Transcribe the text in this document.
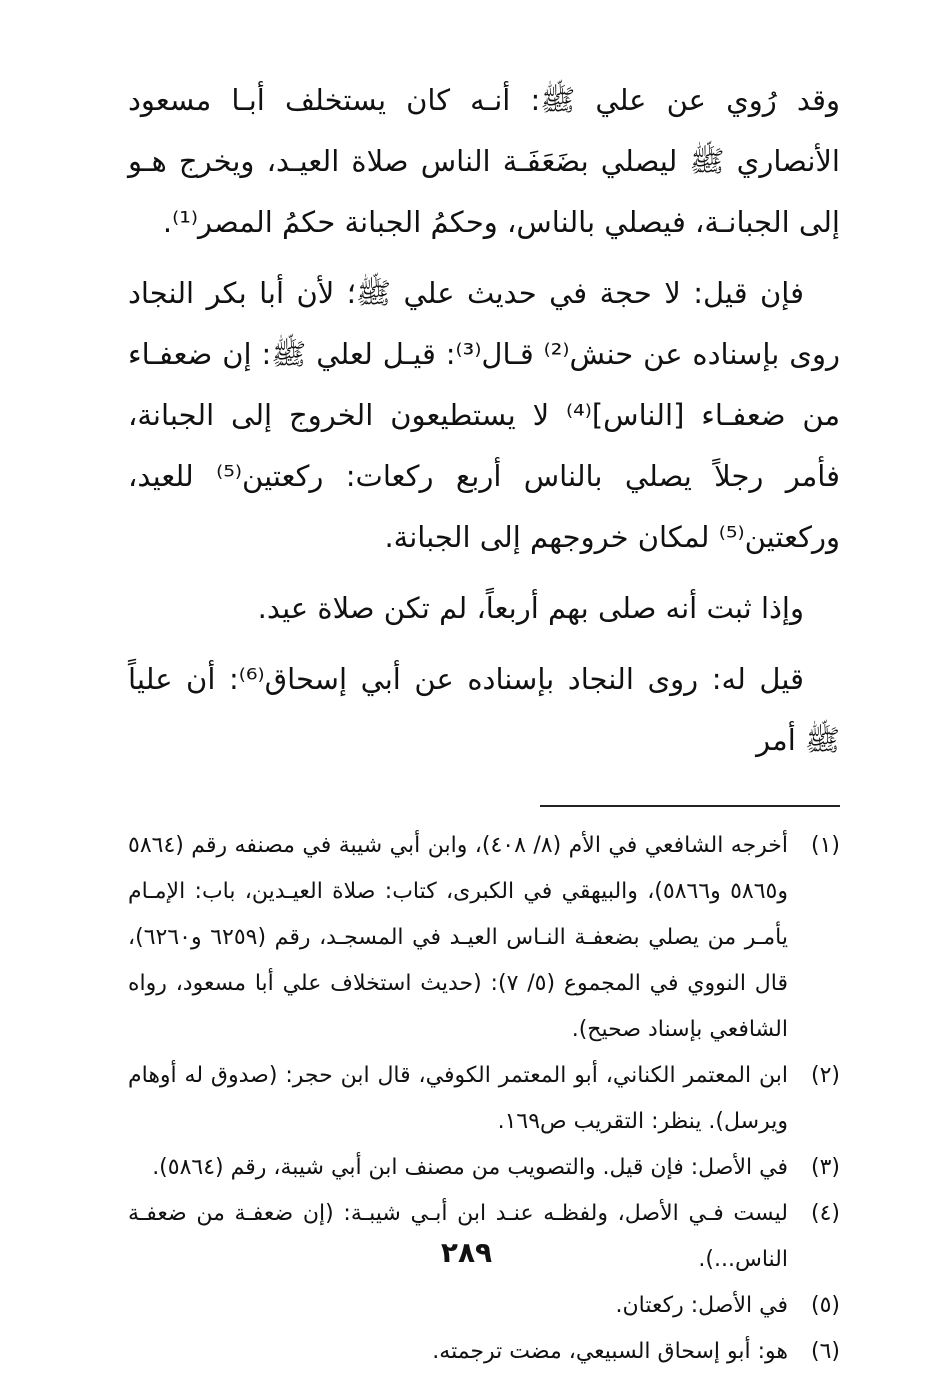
وقد رُوي عن علي ﷺ: أنـه كان يستخلف أبـا مسعود الأنصاري ﷺ ليصلي بضَعَفَـة الناس صلاة العيـد، ويخرج هـو إلى الجبانـة، فيصلي بالناس، وحكمُ الجبانة حكمُ المصر⁽¹⁾.

فإن قيل: لا حجة في حديث علي ﷺ؛ لأن أبا بكر النجاد روى بإسناده عن حنش⁽²⁾ قـال⁽³⁾: قيـل لعلي ﷺ: إن ضعفـاء من ضعفـاء [الناس]⁽⁴⁾ لا يستطيعون الخروج إلى الجبانة، فأمر رجلاً يصلي بالناس أربع ركعات: ركعتين⁽⁵⁾ للعيد، وركعتين⁽⁵⁾ لمكان خروجهم إلى الجبانة.

وإذا ثبت أنه صلى بهم أربعاً، لم تكن صلاة عيد.

قيل له: روى النجاد بإسناده عن أبي إسحاق⁽⁶⁾: أن علياً ﷺ أمر

(١)
أخرجه الشافعي في الأم (٨/ ٤٠٨)، وابن أبي شيبة في مصنفه رقم (٥٨٦٤ و٥٨٦٥ و٥٨٦٦)، والبيهقي في الكبرى، كتاب: صلاة العيـدين، باب: الإمـام يأمـر من يصلي بضعفـة النـاس العيـد في المسجـد، رقم (٦٢٥٩ و٦٢٦٠)، قال النووي في المجموع (٥/ ٧): (حديث استخلاف علي أبا مسعود، رواه الشافعي بإسناد صحيح).
(٢)
ابن المعتمر الكناني، أبو المعتمر الكوفي، قال ابن حجر: (صدوق له أوهام ويرسل). ينظر: التقريب ص١٦٩.
(٣)
في الأصل: فإن قيل. والتصويب من مصنف ابن أبي شيبة، رقم (٥٨٦٤).
(٤)
ليست فـي الأصل، ولفظـه عنـد ابن أبـي شيبـة: (إن ضعفـة من ضعفـة الناس...).
(٥)
في الأصل: ركعتان.
(٦)
هو: أبو إسحاق السبيعي، مضت ترجمته.
٢٨٩
